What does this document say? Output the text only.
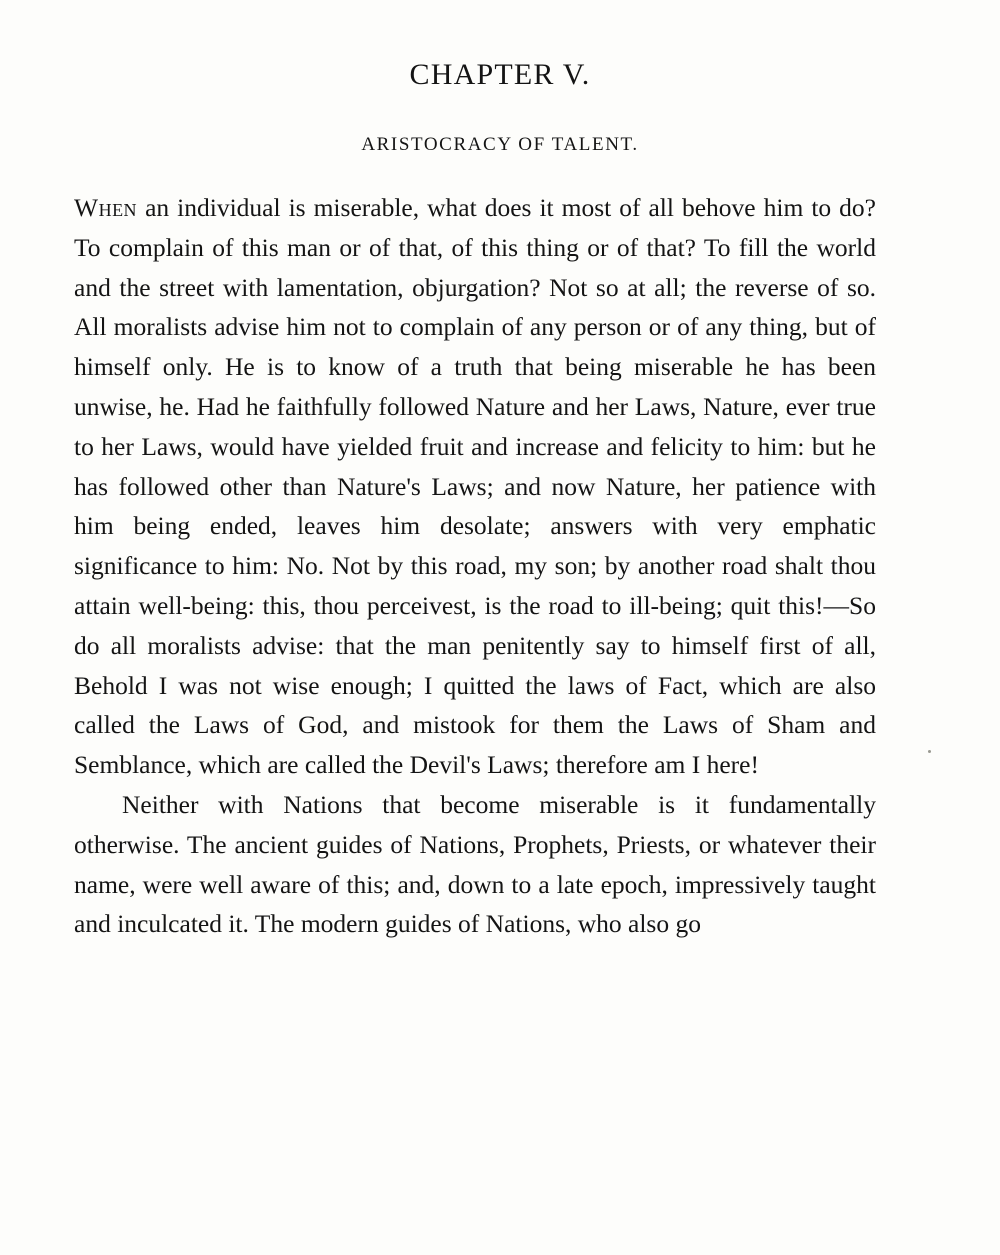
CHAPTER V.
ARISTOCRACY OF TALENT.

When an individual is miserable, what does it most of all behove him to do? To complain of this man or of that, of this thing or of that? To fill the world and the street with lamentation, objurgation? Not so at all; the reverse of so. All moralists advise him not to complain of any person or of any thing, but of himself only. He is to know of a truth that being miserable he has been unwise, he. Had he faithfully followed Nature and her Laws, Nature, ever true to her Laws, would have yielded fruit and increase and felicity to him: but he has followed other than Nature's Laws; and now Nature, her patience with him being ended, leaves him desolate; answers with very emphatic significance to him: No. Not by this road, my son; by another road shalt thou attain well-being: this, thou perceivest, is the road to ill-being; quit this!—So do all moralists advise: that the man penitently say to himself first of all, Behold I was not wise enough; I quitted the laws of Fact, which are also called the Laws of God, and mistook for them the Laws of Sham and Semblance, which are called the Devil's Laws; therefore am I here!

Neither with Nations that become miserable is it fundamentally otherwise. The ancient guides of Nations, Prophets, Priests, or whatever their name, were well aware of this; and, down to a late epoch, impressively taught and inculcated it. The modern guides of Nations, who also go
